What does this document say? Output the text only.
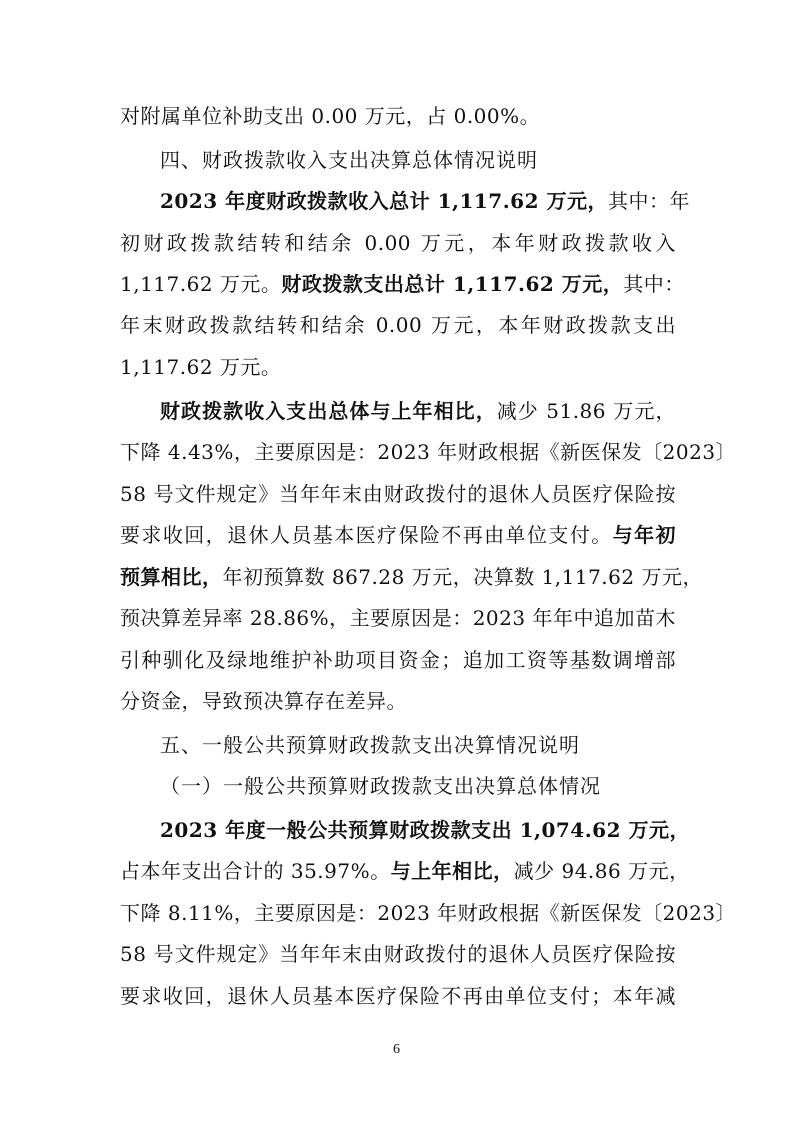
对附属单位补助支出 0.00 万元，占 0.00%。
四、财政拨款收入支出决算总体情况说明
2023 年度财政拨款收入总计 1,117.62 万元，其中：年
初财政拨款结转和结余 0.00 万元，本年财政拨款收入
1,117.62 万元。财政拨款支出总计 1,117.62 万元，其中：
年末财政拨款结转和结余 0.00 万元，本年财政拨款支出
1,117.62 万元。
财政拨款收入支出总体与上年相比，减少 51.86 万元，
下降 4.43%，主要原因是：2023 年财政根据《新医保发〔2023〕
58 号文件规定》当年年末由财政拨付的退休人员医疗保险按
要求收回，退休人员基本医疗保险不再由单位支付。与年初
预算相比，年初预算数 867.28 万元，决算数 1,117.62 万元，
预决算差异率 28.86%，主要原因是：2023 年年中追加苗木
引种驯化及绿地维护补助项目资金；追加工资等基数调增部
分资金，导致预决算存在差异。
五、一般公共预算财政拨款支出决算情况说明
（一）一般公共预算财政拨款支出决算总体情况
2023 年度一般公共预算财政拨款支出 1,074.62 万元，
占本年支出合计的 35.97%。与上年相比，减少 94.86 万元，
下降 8.11%，主要原因是：2023 年财政根据《新医保发〔2023〕
58 号文件规定》当年年末由财政拨付的退休人员医疗保险按
要求收回，退休人员基本医疗保险不再由单位支付；本年减
6
